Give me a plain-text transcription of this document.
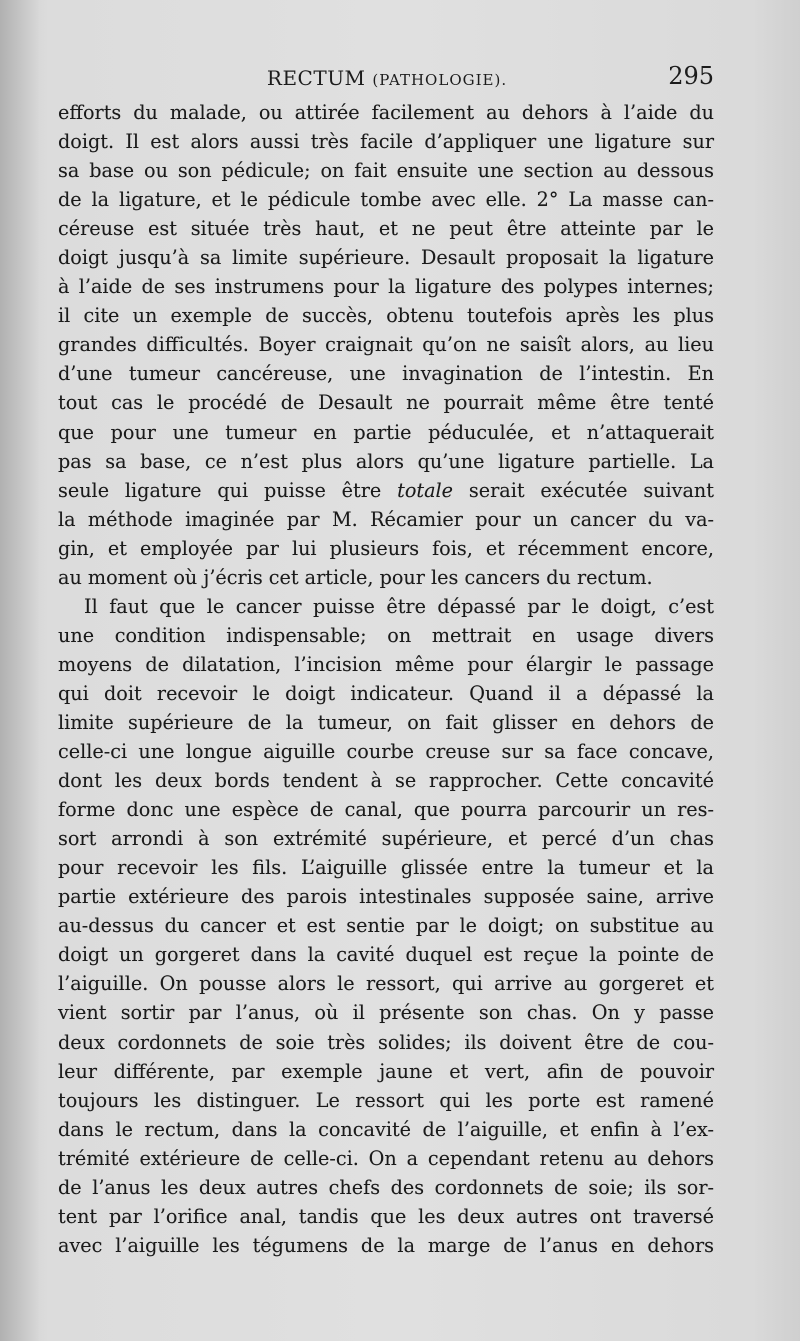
RECTUM (PATHOLOGIE).	295
efforts du malade, ou attirée facilement au dehors à l’aide du
doigt. Il est alors aussi très facile d’appliquer une ligature sur
sa base ou son pédicule; on fait ensuite une section au dessous
de la ligature, et le pédicule tombe avec elle. 2° La masse can-
céreuse est située très haut, et ne peut être atteinte par le
doigt jusqu’à sa limite supérieure. Desault proposait la ligature
à l’aide de ses instrumens pour la ligature des polypes internes;
il cite un exemple de succès, obtenu toutefois après les plus
grandes difficultés. Boyer craignait qu’on ne saisît alors, au lieu
d’une tumeur cancéreuse, une invagination de l’intestin. En
tout cas le procédé de Desault ne pourrait même être tenté
que pour une tumeur en partie péduculée, et n’attaquerait
pas sa base, ce n’est plus alors qu’une ligature partielle. La
seule ligature qui puisse être totale serait exécutée suivant
la méthode imaginée par M. Récamier pour un cancer du va-
gin, et employée par lui plusieurs fois, et récemment encore,
au moment où j’écris cet article, pour les cancers du rectum.
Il faut que le cancer puisse être dépassé par le doigt, c’est
une condition indispensable; on mettrait en usage divers
moyens de dilatation, l’incision même pour élargir le passage
qui doit recevoir le doigt indicateur. Quand il a dépassé la
limite supérieure de la tumeur, on fait glisser en dehors de
celle-ci une longue aiguille courbe creuse sur sa face concave,
dont les deux bords tendent à se rapprocher. Cette concavité
forme donc une espèce de canal, que pourra parcourir un res-
sort arrondi à son extrémité supérieure, et percé d’un chas
pour recevoir les fils. L’aiguille glissée entre la tumeur et la
partie extérieure des parois intestinales supposée saine, arrive
au-dessus du cancer et est sentie par le doigt; on substitue au
doigt un gorgeret dans la cavité duquel est reçue la pointe de
l’aiguille. On pousse alors le ressort, qui arrive au gorgeret et
vient sortir par l’anus, où il présente son chas. On y passe
deux cordonnets de soie très solides; ils doivent être de cou-
leur différente, par exemple jaune et vert, afin de pouvoir
toujours les distinguer. Le ressort qui les porte est ramené
dans le rectum, dans la concavité de l’aiguille, et enfin à l’ex-
trémité extérieure de celle-ci. On a cependant retenu au dehors
de l’anus les deux autres chefs des cordonnets de soie; ils sor-
tent par l’orifice anal, tandis que les deux autres ont traversé
avec l’aiguille les tégumens de la marge de l’anus en dehors
